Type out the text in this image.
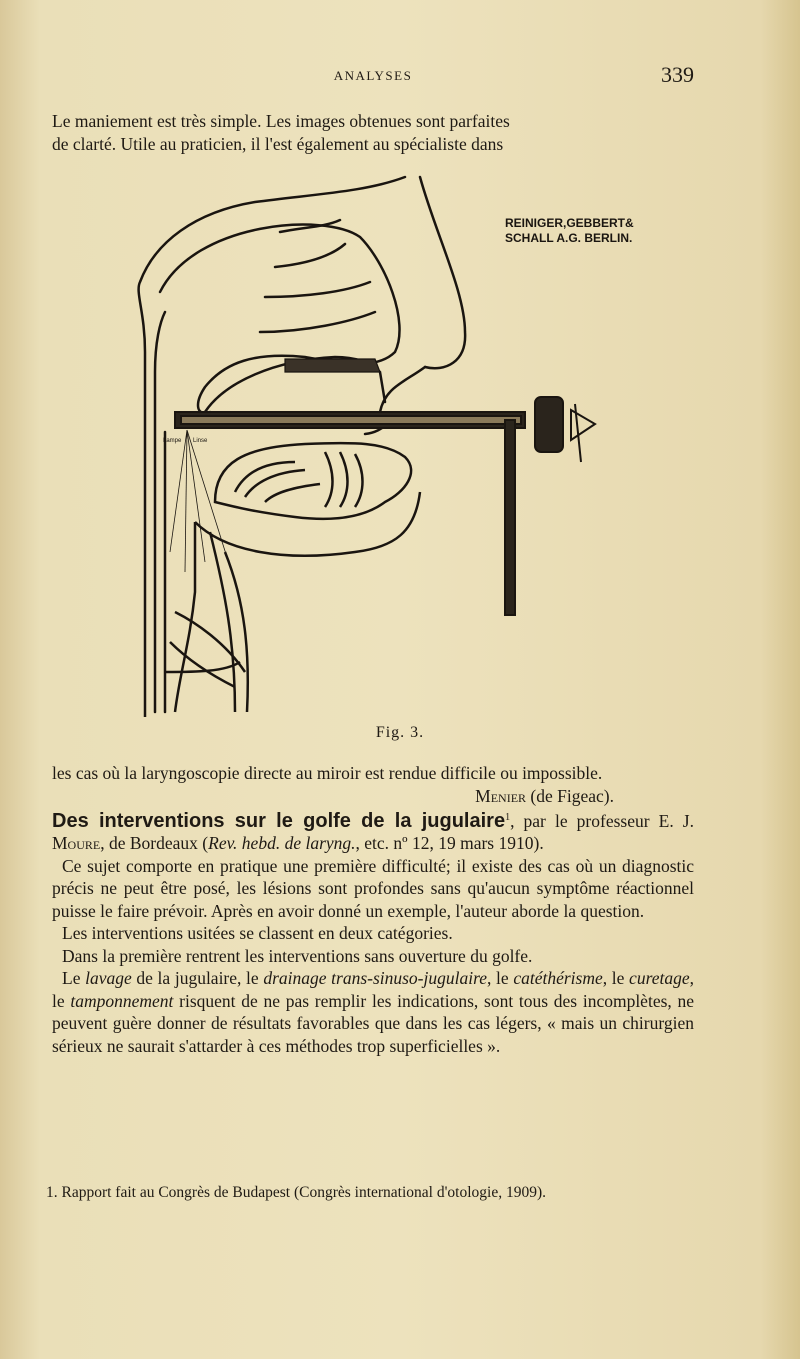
ANALYSES	339

Le maniement est très simple. Les images obtenues sont parfaites

de clarté. Utile au praticien, il l'est également au spécialiste dans

REINIGER,GEBBERT&
SCHALL A.G. BERLIN.
Lampe Linse
Fig. 3.

les cas où la laryngoscopie directe au miroir est rendue difficile ou impossible.

Menier (de Figeac).

Des interventions sur le golfe de la jugulaire$^1$, par le professeur E. J. Moure, de Bordeaux (Rev. hebd. de laryng., etc. nº 12, 19 mars 1910).

Ce sujet comporte en pratique une première difficulté; il existe des cas où un diagnostic précis ne peut être posé, les lésions sont profondes sans qu'aucun symptôme réactionnel puisse le faire prévoir. Après en avoir donné un exemple, l'auteur aborde la question.

Les interventions usitées se classent en deux catégories.

Dans la première rentrent les interventions sans ouverture du golfe.

Le lavage de la jugulaire, le drainage trans-sinuso-jugulaire, le catéthérisme, le curetage, le tamponnement risquent de ne pas remplir les indications, sont tous des incomplètes, ne peuvent guère donner de résultats favorables que dans les cas légers, « mais un chirurgien sérieux ne saurait s'attarder à ces méthodes trop superficielles ».

1. Rapport fait au Congrès de Budapest (Congrès international d'otologie, 1909).
